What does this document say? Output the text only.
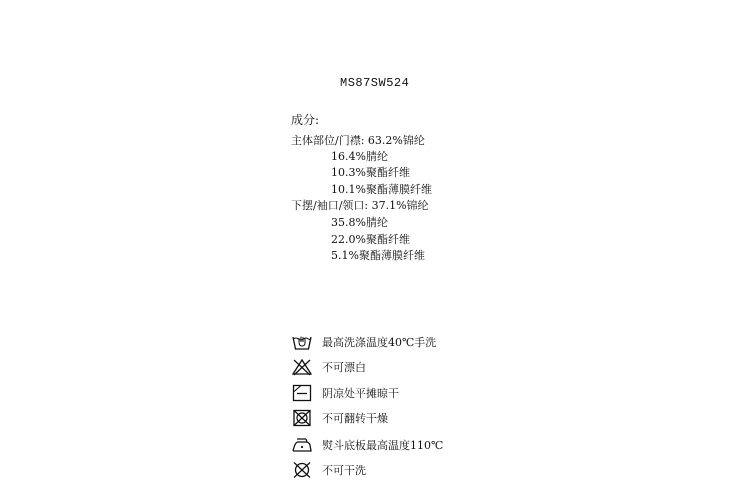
MS87SW524
成分:
主体部位/门襟: 63.2%锦纶
16.4%腈纶
10.3%聚酯纤维
10.1%聚酯薄膜纤维
下摆/袖口/领口: 37.1%锦纶
35.8%腈纶
22.0%聚酯纤维
5.1%聚酯薄膜纤维
最高洗涤温度40℃手洗
不可漂白
阴凉处平摊晾干
不可翻转干燥
熨斗底板最高温度110℃
不可干洗
